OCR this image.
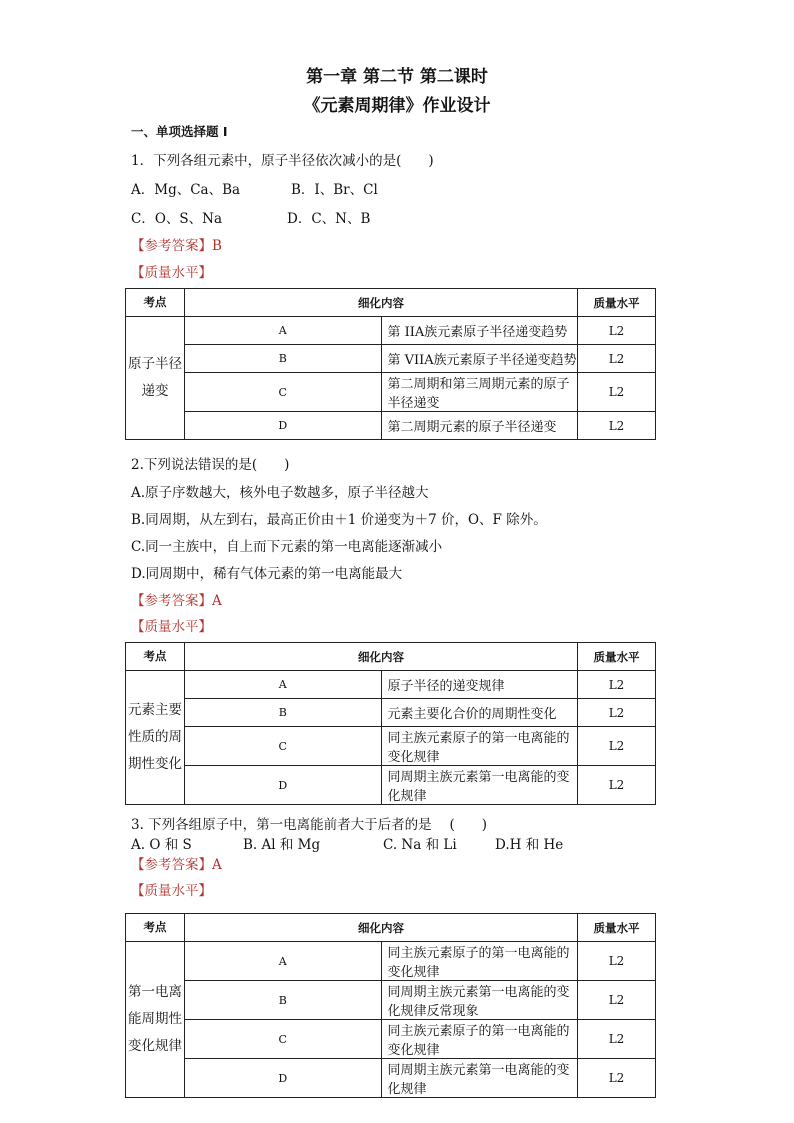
第一章 第二节 第二课时
《元素周期律》作业设计
一、单项选择题 I
1．下列各组元素中，原子半径依次减小的是(　　)
A．Mg、Ca、Ba	B．I、Br、Cl
C．O、S、Na	D．C、N、B
【参考答案】B
【质量水平】
考点	细化内容		质量水平

原子半径递变	A	第 IIA族元素原子半径递变趋势	L2
	B	第 VIIA族元素原子半径递变趋势	L2
	C	第二周期和第三周期元素的原子半径递变	L2
	D	第二周期元素的原子半径递变	L2
2.下列说法错误的是(　　)
A.原子序数越大，核外电子数越多，原子半径越大
B.同周期，从左到右，最高正价由＋1 价递变为＋7 价，O、F 除外。
C.同一主族中，自上而下元素的第一电离能逐渐减小
D.同周期中，稀有气体元素的第一电离能最大
【参考答案】A
【质量水平】
考点	细化内容		质量水平

元素主要性质的周期性变化	A	原子半径的递变规律	L2
	B	元素主要化合价的周期性变化	L2
	C	同主族元素原子的第一电离能的变化规律	L2
	D	同周期主族元素第一电离能的变化规律	L2
3. 下列各组原子中，第一电离能前者大于后者的是　 (　　)
A. O 和 S	B. Al 和 Mg	C. Na 和 Li	D.H 和 He
【参考答案】A
【质量水平】
考点	细化内容		质量水平

第一电离能周期性变化规律	A	同主族元素原子的第一电离能的变化规律	L2
	B	同周期主族元素第一电离能的变化规律反常现象	L2
	C	同主族元素原子的第一电离能的变化规律	L2
	D	同周期主族元素第一电离能的变化规律	L2
